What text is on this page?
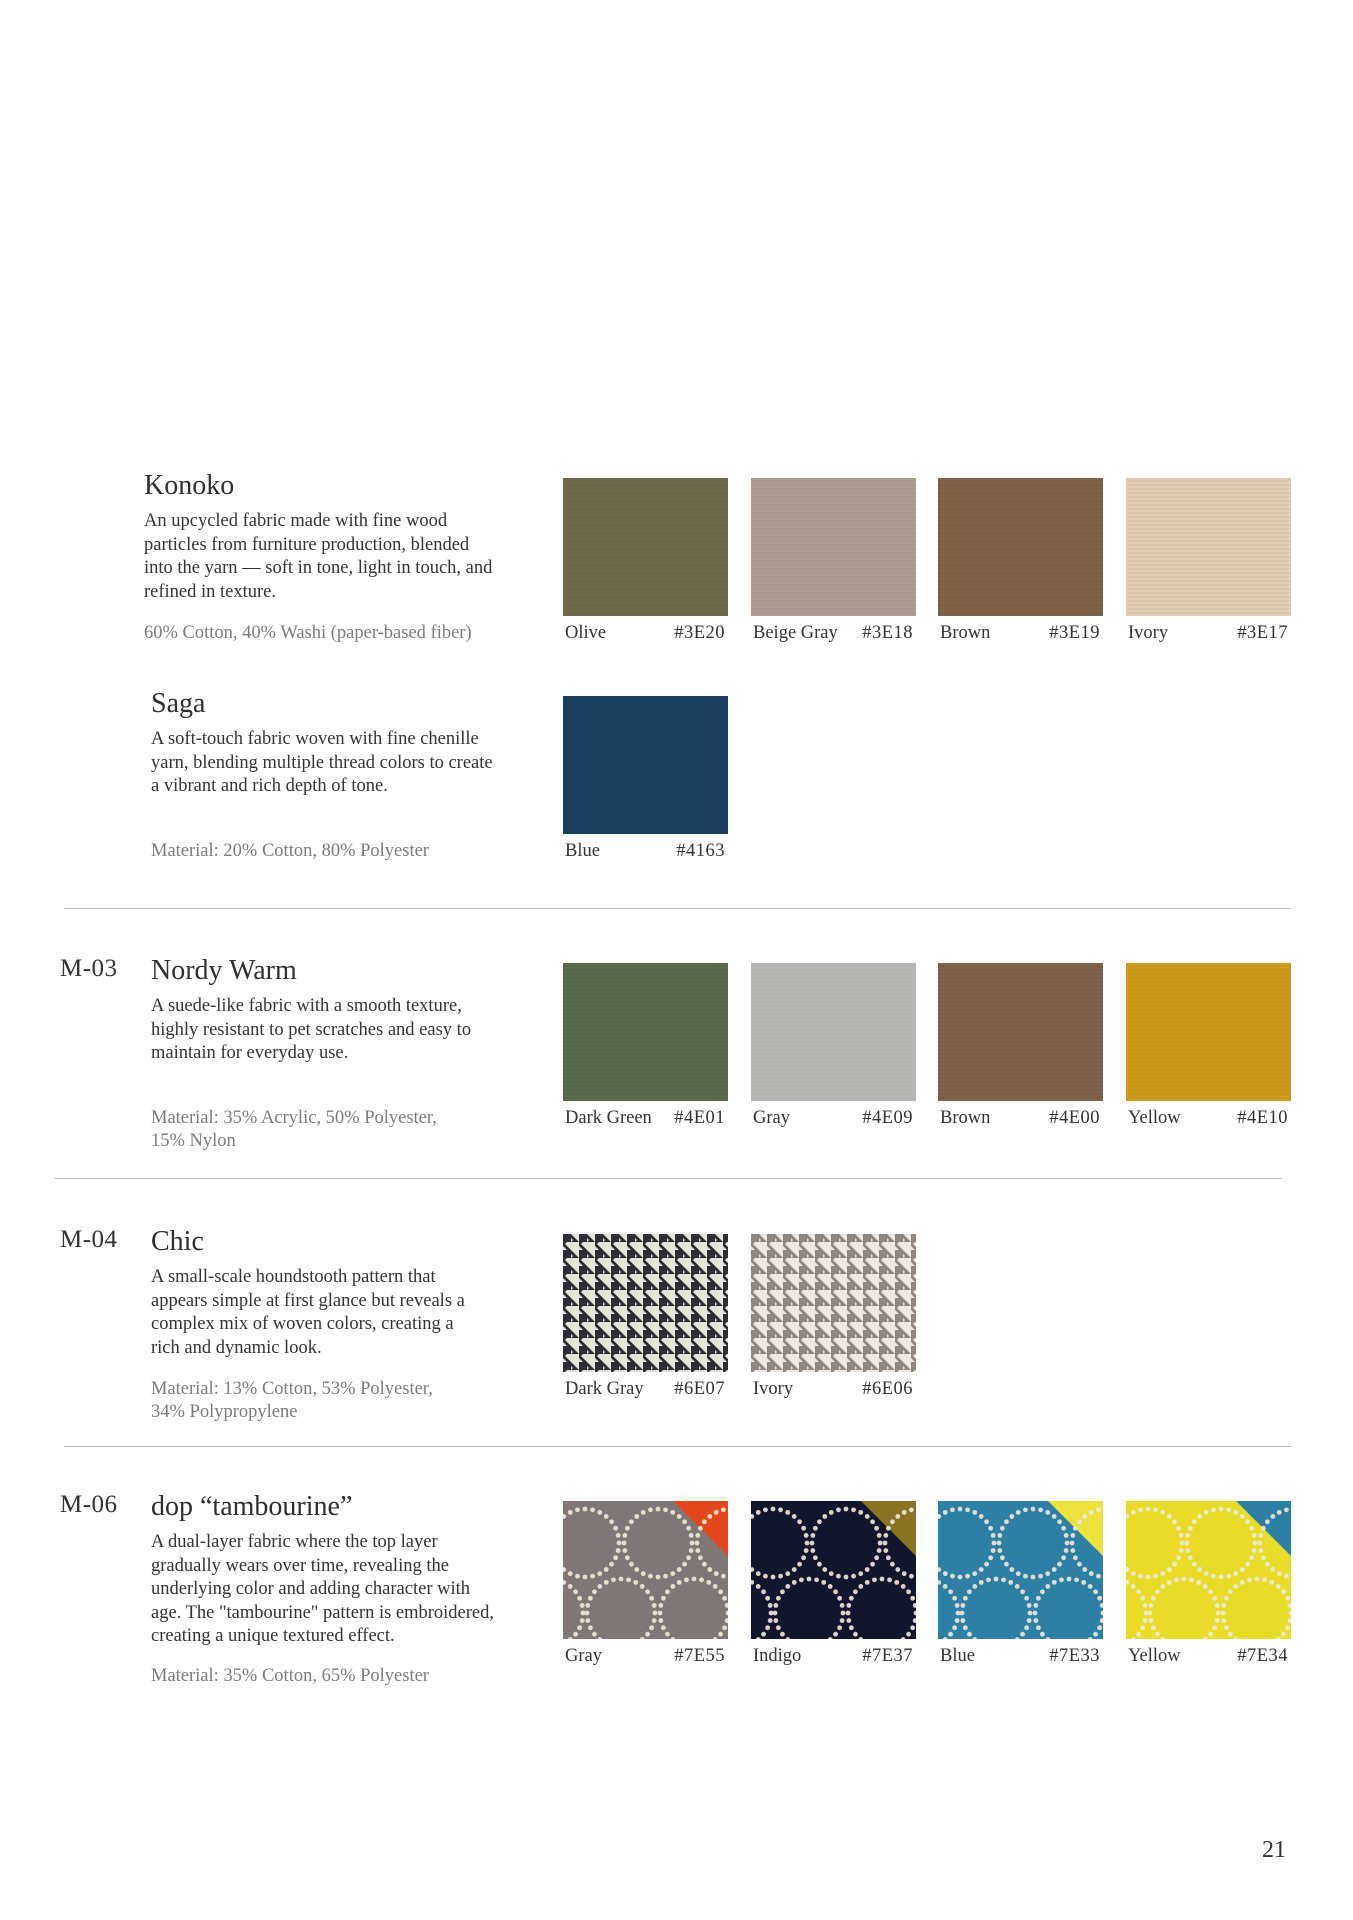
Konoko
An upcycled fabric made with fine wood
particles from furniture production, blended
into the yarn — soft in tone, light in touch, and
refined in texture.
60% Cotton, 40% Washi (paper-based fiber)	Olive	#3E20 Beige Gray #3E18 Brown	#3E19 Ivory	#3E17
Saga
A soft-touch fabric woven with fine chenille
yarn, blending multiple thread colors to create
a vibrant and rich depth of tone.
Material: 20% Cotton, 80% Polyester	Blue	#4163
M-03 Nordy Warm
A suede-like fabric with a smooth texture,
highly resistant to pet scratches and easy to
maintain for everyday use.
Material: 35% Acrylic, 50% Polyester,
15% Nylon
Dark Green #4E01 Gray	#4E09 Brown	#4E00 Yellow	#4E10
M-04 Chic
A small-scale houndstooth pattern that
appears simple at first glance but reveals a
complex mix of woven colors, creating a
rich and dynamic look.
Material: 13% Cotton, 53% Polyester,
34% Polypropylene
Dark Gray #6E07 Ivory	#6E06
M-06 dop “tambourine”
A dual-layer fabric where the top layer
gradually wears over time, revealing the
underlying color and adding character with
age. The "tambourine" pattern is embroidered,
creating a unique textured effect.
Material: 35% Cotton, 65% Polyester
Gray	#7E55 Indigo	#7E37 Blue	#7E33 Yellow	#7E34
21
